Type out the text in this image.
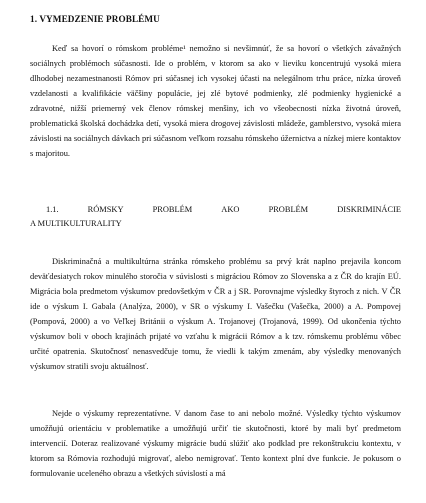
1. VYMEDZENIE PROBLÉMU

Keď sa hovorí o rómskom probléme¹ nemožno si nevšimnúť, že sa hovorí o všetkých závažných sociálnych problémoch súčasnosti. Ide o problém, v ktorom sa ako v lieviku koncentrujú vysoká miera dlhodobej nezamestnanosti Rómov pri súčasnej ich vysokej účasti na nelegálnom trhu práce, nízka úroveň vzdelanosti a kvalifikácie väčšiny populácie, jej zlé bytové podmienky, zlé podmienky hygienické a zdravotné, nižší priemerný vek členov rómskej menšiny, ich vo všeobecnosti nízka životná úroveň, problematická školská dochádzka detí, vysoká miera drogovej závislosti mládeže, gamblerstvo, vysoká miera závislosti na sociálnych dávkach pri súčasnom veľkom rozsahu rómskeho úžernictva a nízkej miere kontaktov s majoritou.

1.1.	RÓMSKY	PROBLÉM	AKO	PROBLÉM	DISKRIMINÁCIE
A MULTIKULTURALITY

Diskriminačná a multikultúrna stránka rómskeho problému sa prvý krát naplno prejavila koncom deväťdesiatych rokov minulého storočia v súvislosti s migráciou Rómov zo Slovenska a z ČR do krajín EÚ. Migrácia bola predmetom výskumov predovšetkým v ČR a j SR. Porovnajme výsledky štyroch z nich. V ČR ide o výskum I. Gabala (Analýza, 2000), v SR o výskumy I. Vašečku (Vašečka, 2000) a A. Pompovej (Pompová, 2000) a vo Veľkej Británii o výskum A. Trojanovej (Trojanová, 1999). Od ukončenia týchto výskumov boli v oboch krajinách prijaté vo vzťahu k migrácii Rómov a k tzv. rómskemu problému vôbec určité opatrenia. Skutočnosť nenasvedčuje tomu, že viedli k takým zmenám, aby výsledky menovaných výskumov stratili svoju aktuálnosť.

Nejde o výskumy reprezentatívne. V danom čase to ani nebolo možné. Výsledky týchto výskumov umožňujú orientáciu v problematike a umožňujú určiť tie skutočnosti, ktoré by mali byť predmetom intervencií. Doteraz realizované výskumy migrácie budú slúžiť ako podklad pre rekonštrukciu kontextu, v ktorom sa Rómovia rozhodujú migrovať, alebo nemigrovať. Tento kontext plní dve funkcie. Je pokusom o formulovanie uceleného obrazu a všetkých súvislostí a má
